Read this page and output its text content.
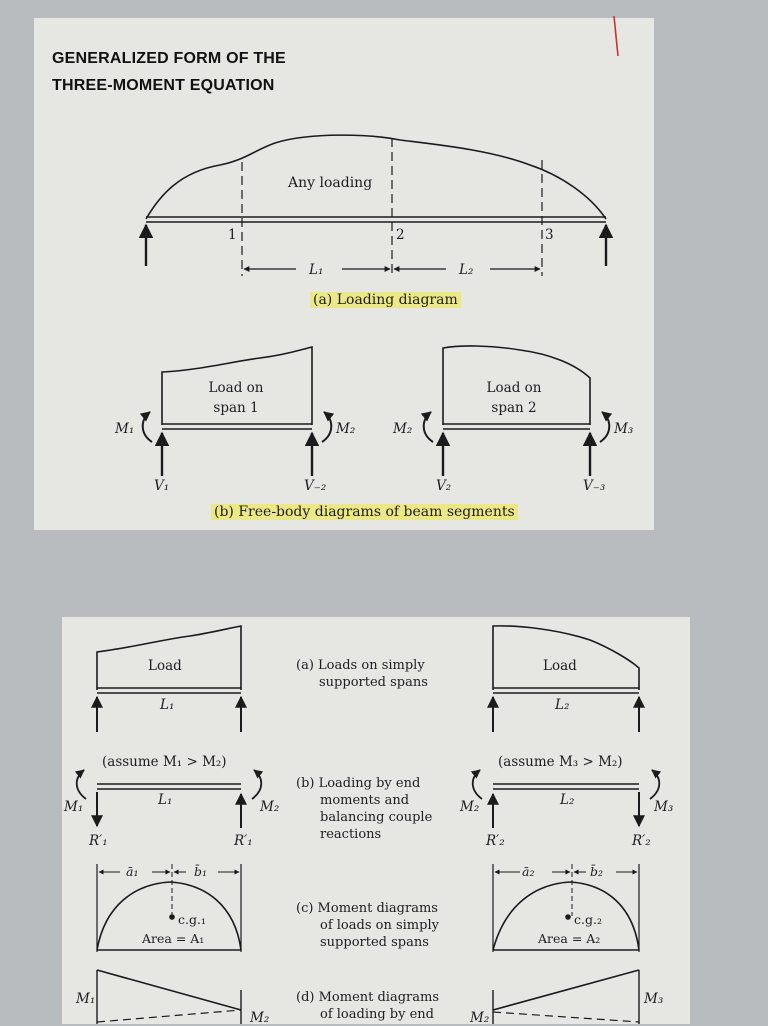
GENERALIZED FORM OF THE
THREE-MOMENT EQUATION
Any loading
1	2	3
L₁	L₂
(a) Loading diagram
Load on
span 1
Load on
span 2
M₁	M₂	M₂	M₃
V₁	V₋₂	V₂	V₋₃
(b) Free-body diagrams of beam segments
Load	Load
L₁	L₂
(a) Loads on simply
supported spans
(assume M₁ > M₂)	(assume M₃ > M₂)
L₁	L₂
M₁	M₂	M₂	M₃
R′₁	R′₁	R′₂	R′₂
(b) Loading by end
moments and
balancing couple
reactions
ā₁	b̄₁	ā₂	b̄₂
c.g.₁	c.g.₂
Area = A₁	Area = A₂
(c) Moment diagrams
of loads on simply
supported spans
M₁
M₂	M₂
M₃
(d) Moment diagrams
of loading by end
